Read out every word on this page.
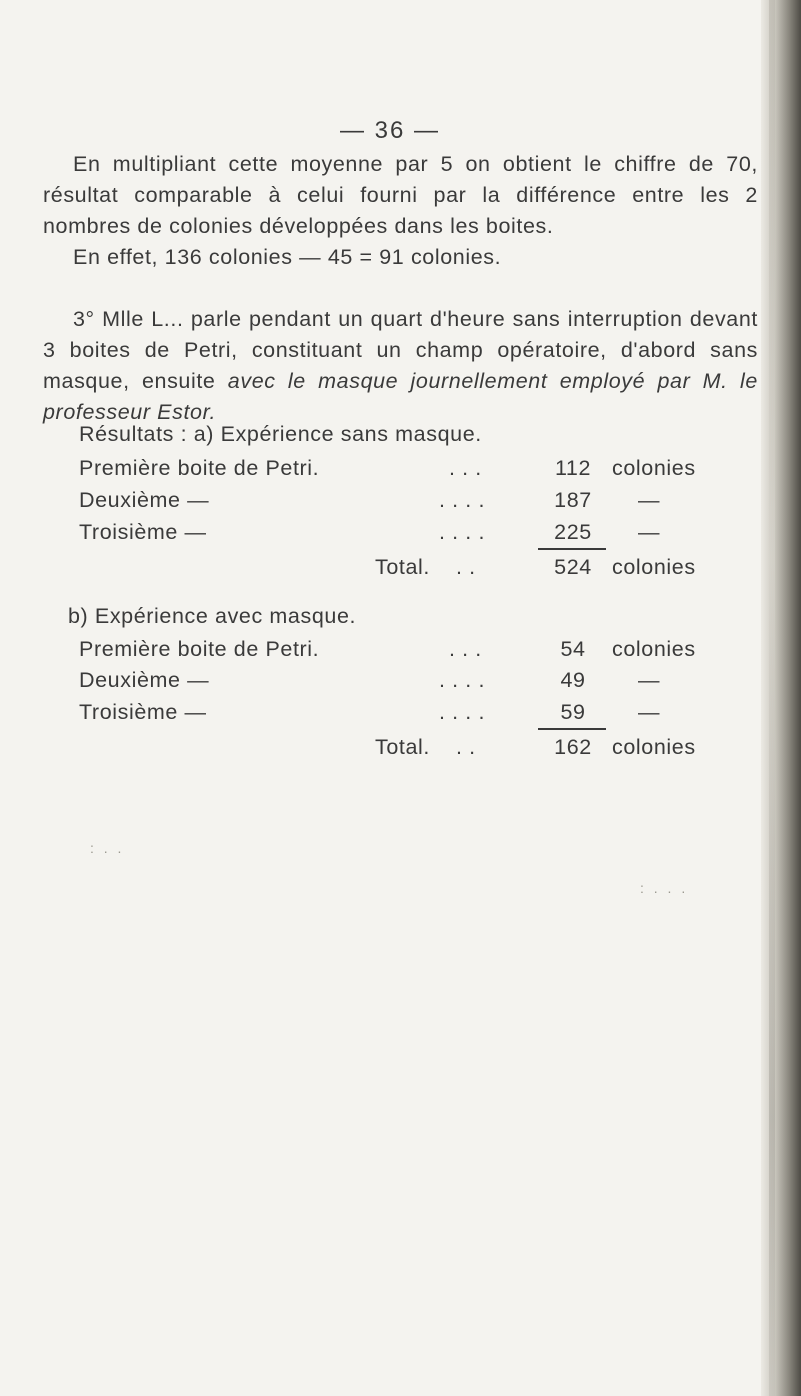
— 36 —

En multipliant cette moyenne par 5 on obtient le chiffre de 70, résultat comparable à celui fourni par la différence entre les 2 nombres de colonies développées dans les boites.

En effet, 136 colonies — 45 = 91 colonies.

3° Mlle L... parle pendant un quart d'heure sans interruption devant 3 boites de Petri, constituant un champ opératoire, d'abord sans masque, ensuite avec le masque journellement employé par M. le professeur Estor.

Résultats : a) Expérience sans masque.
Première boite de Petri.	. . .	112 colonies
Deuxième —	. . . .	187 —
Troisième —	. . . .	225 —
Total. . .	524 colonies
b) Expérience avec masque.
Première boite de Petri.	. . .	54	colonies
Deuxième —	. . . .	49	—
Troisième —	. . . .	59	—
Total. . .	162 colonies
: . .
: . . .
